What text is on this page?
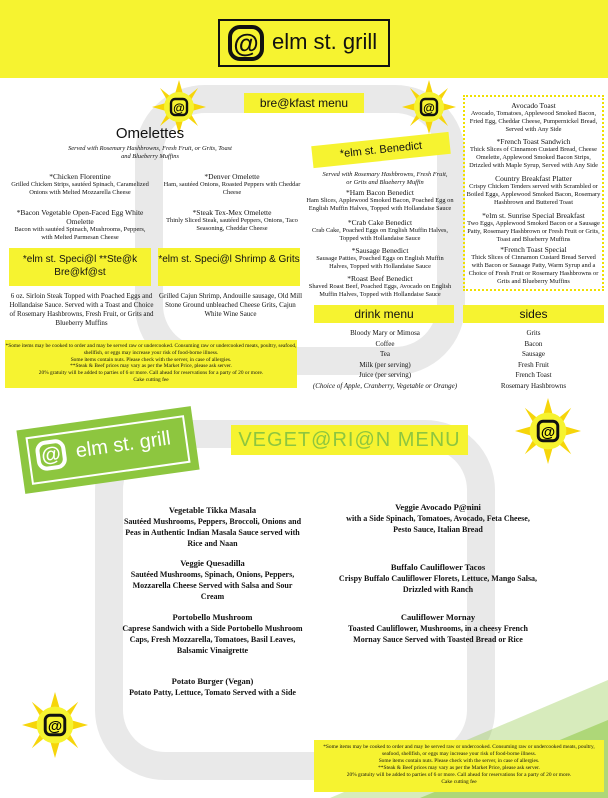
@ elm st. grill
@	@
bre@kfast menu
Omelettes
Served with Rosemary Hashbrowns, Fresh Fruit, or Grits, Toast and Blueberry Muffins
*Chicken Florentine
Grilled Chicken Strips, sautéed Spinach, Caramelized Onions with Melted Mozzarella Cheese
*Denver Omelette
Ham, sautéed Onions, Roasted Peppers with Cheddar Cheese
*Bacon Vegetable Open-Faced Egg White Omelette
Bacon with sautéed Spinach, Mushrooms, Peppers, with Melted Parmesan Cheese
*Steak Tex-Mex Omelette
Thinly Sliced Steak, sautéed Peppers, Onions, Taco Seasoning, Cheddar Cheese
*elm st. Speci@l **Ste@k Bre@kf@st
6 oz. Sirloin Steak Topped with Poached Eggs and Hollandaise Sauce. Served with a Toast and Choice of Rosemary Hashbrowns, Fresh Fruit, or Grits and Blueberry Muffins
*elm st. Speci@l Shrimp & Grits
Grilled Cajun Shrimp, Andouille sausage, Old Mill Stone Ground unbleached Cheese Grits, Cajun White Wine Sauce
*elm st. Benedict
Served with Rosemary Hashbrowns, Fresh Fruit, or Grits and Blueberry Muffin
*Ham Bacon Benedict
Ham Slices, Applewood Smoked Bacon, Poached Egg on English Muffin Halves, Topped with Hollandaise Sauce
*Crab Cake Benedict
Crab Cake, Poached Eggs on English Muffin Halves, Topped with Hollandaise Sauce
*Sausage Benedict
Sausage Patties, Poached Eggs on English Muffin Halves, Topped with Hollandaise Sauce
*Roast Beef Benedict
Shaved Roast Beef, Poached Eggs, Avocado on English Muffin Halves, Topped with Hollandaise Sauce
Avocado Toast
Avocado, Tomatoes, Applewood Smoked Bacon, Fried Egg, Cheddar Cheese, Pumpernickel Bread, Served with Any Side
*French Toast Sandwich
Thick Slices of Cinnamon Custard Bread, Cheese Omelette, Applewood Smoked Bacon Strips, Drizzled with Maple Syrup, Served with Any Side
Country Breakfast Platter
Crispy Chicken Tenders served with Scrambled or Boiled Eggs, Applewood Smoked Bacon, Rosemary Hashbrown and Buttered Toast
*elm st. Sunrise Special Breakfast
Two Eggs, Applewood Smoked Bacon or a Sausage Patty, Rosemary Hashbrown or Fresh Fruit or Grits, Toast and Blueberry Muffins
*French Toast Special
Thick Slices of Cinnamon Custard Bread Served with Bacon or Sausage Patty, Warm Syrup and a Choice of Fresh Fruit or Rosemary Hashbrowns or Grits and Blueberry Muffins
drink menu
Bloody Mary or Mimosa
Coffee
Tea
Milk (per serving)
Juice (per serving)
(Choice of Apple, Cranberry, Vegetable or Orange)
sides
Grits
Bacon
Sausage
Fresh Fruit
French Toast
Rosemary Hashbrowns
*Some items may be cooked to order and may be served raw or undercooked. Consuming raw or undercooked meats, poultry, seafood, shellfish, or eggs may increase your risk of food-borne illness.
Some items contain nuts. Please check with the server, in case of allergies.
**Steak & Beef prices may vary as per the Market Price, please ask server.
20% gratuity will be added to parties of 6 or more. Call ahead for reservations for a party of 20 or more.
Cake cutting fee
@ elm st. grill	@
@
VEGET@RI@N MENU
Vegetable Tikka Masala
Sautéed Mushrooms, Peppers, Broccoli, Onions and Peas in Authentic Indian Masala Sauce served with Rice and Naan
Veggie Quesadilla
Sautéed Mushrooms, Spinach, Onions, Peppers, Mozzarella Cheese Served with Salsa and Sour Cream
Portobello Mushroom
Caprese Sandwich with a Side Portobello Mushroom Caps, Fresh Mozzarella, Tomatoes, Basil Leaves, Balsamic Vinaigrette
Potato Burger (Vegan)
Potato Patty, Lettuce, Tomato Served with a Side
Veggie Avocado P@nini
with a Side Spinach, Tomatoes, Avocado, Feta Cheese, Pesto Sauce, Italian Bread
Buffalo Cauliflower Tacos
Crispy Buffalo Cauliflower Florets, Lettuce, Mango Salsa, Drizzled with Ranch
Cauliflower Mornay
Toasted Cauliflower, Mushrooms, in a cheesy French Mornay Sauce Served with Toasted Bread or Rice
*Some items may be cooked to order and may be served raw or undercooked. Consuming raw or undercooked meats, poultry, seafood, shellfish, or eggs may increase your risk of food-borne illness.
Some items contain nuts. Please check with the server, in case of allergies.
**Steak & Beef prices may vary as per the Market Price, please ask server.
20% gratuity will be added to parties of 6 or more. Call ahead for reservations for a party of 20 or more.
Cake cutting fee
